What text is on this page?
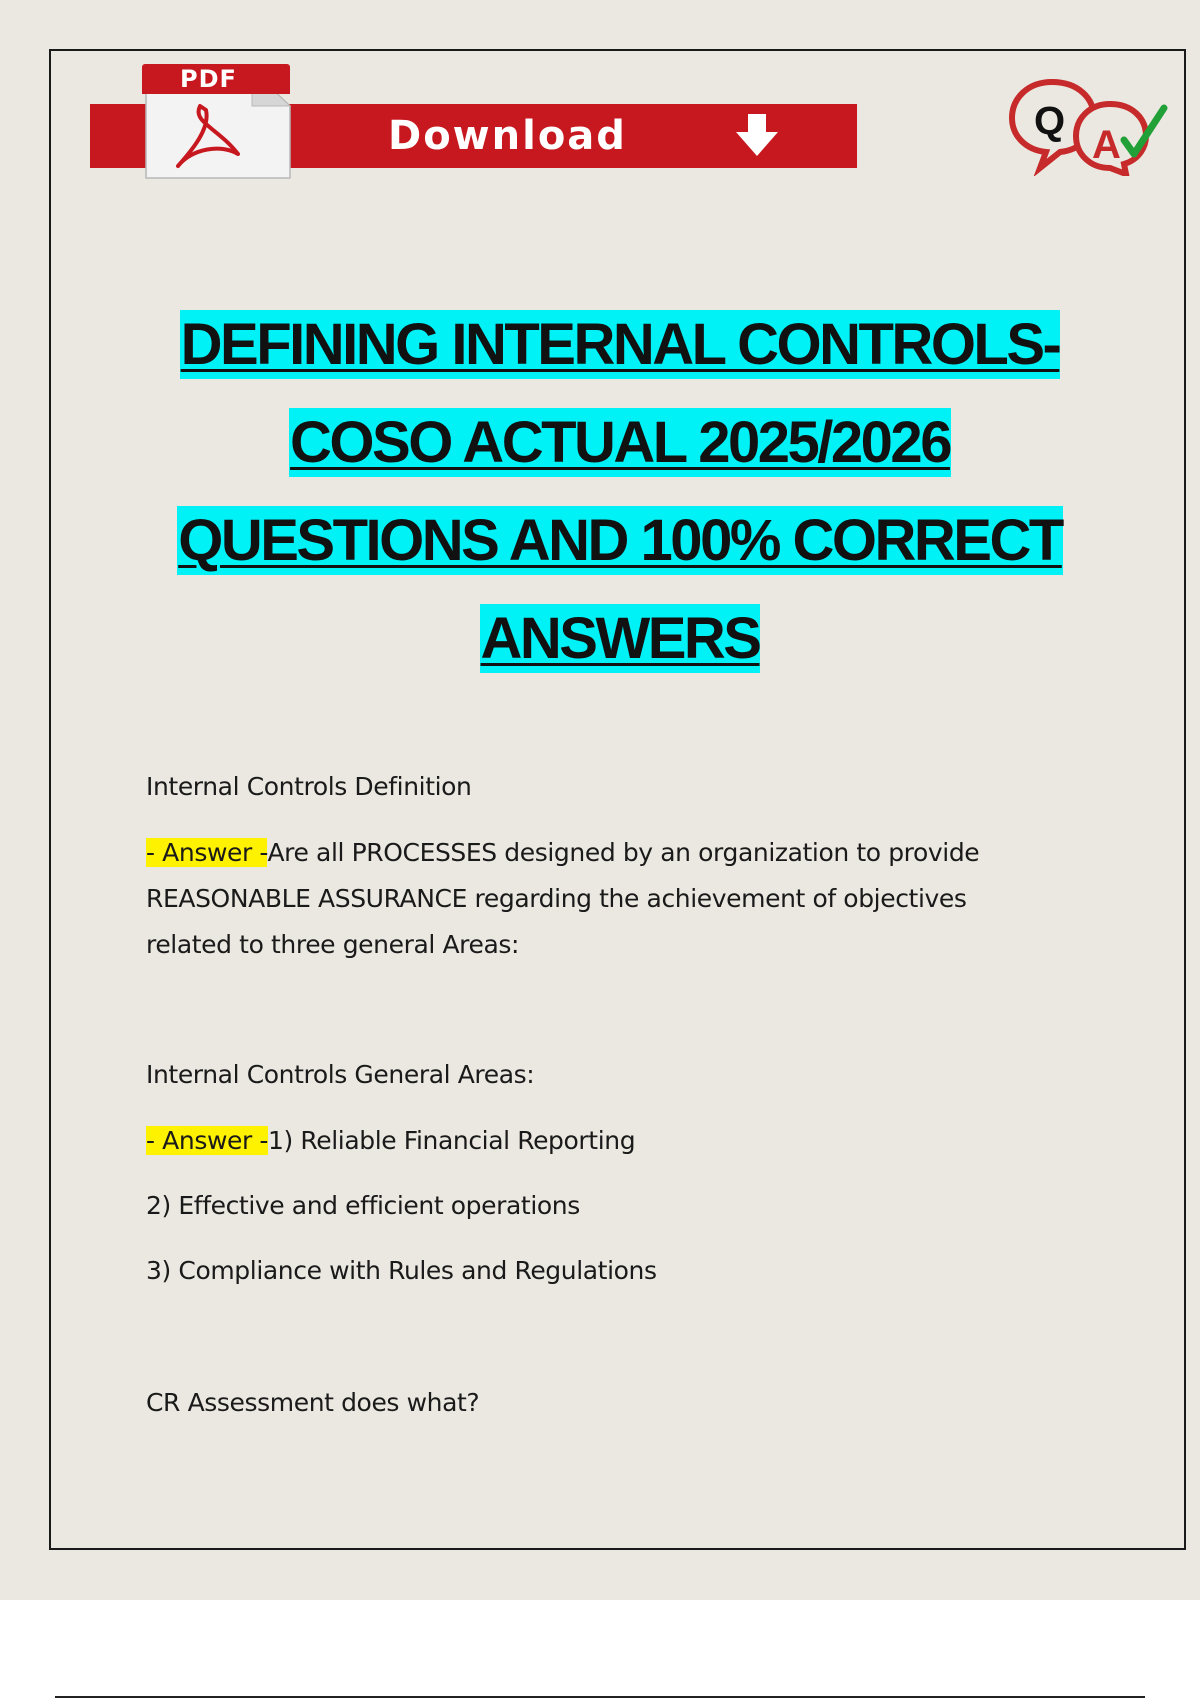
Download
PDF
Q
A
DEFINING INTERNAL CONTROLS-
COSO ACTUAL 2025/2026
QUESTIONS AND 100% CORRECT
ANSWERS
Internal Controls Definition
- Answer -Are all PROCESSES designed by an organization to provide
REASONABLE ASSURANCE regarding the achievement of objectives
related to three general Areas:
Internal Controls General Areas:
- Answer -1) Reliable Financial Reporting
2) Effective and efficient operations
3) Compliance with Rules and Regulations
CR Assessment does what?
